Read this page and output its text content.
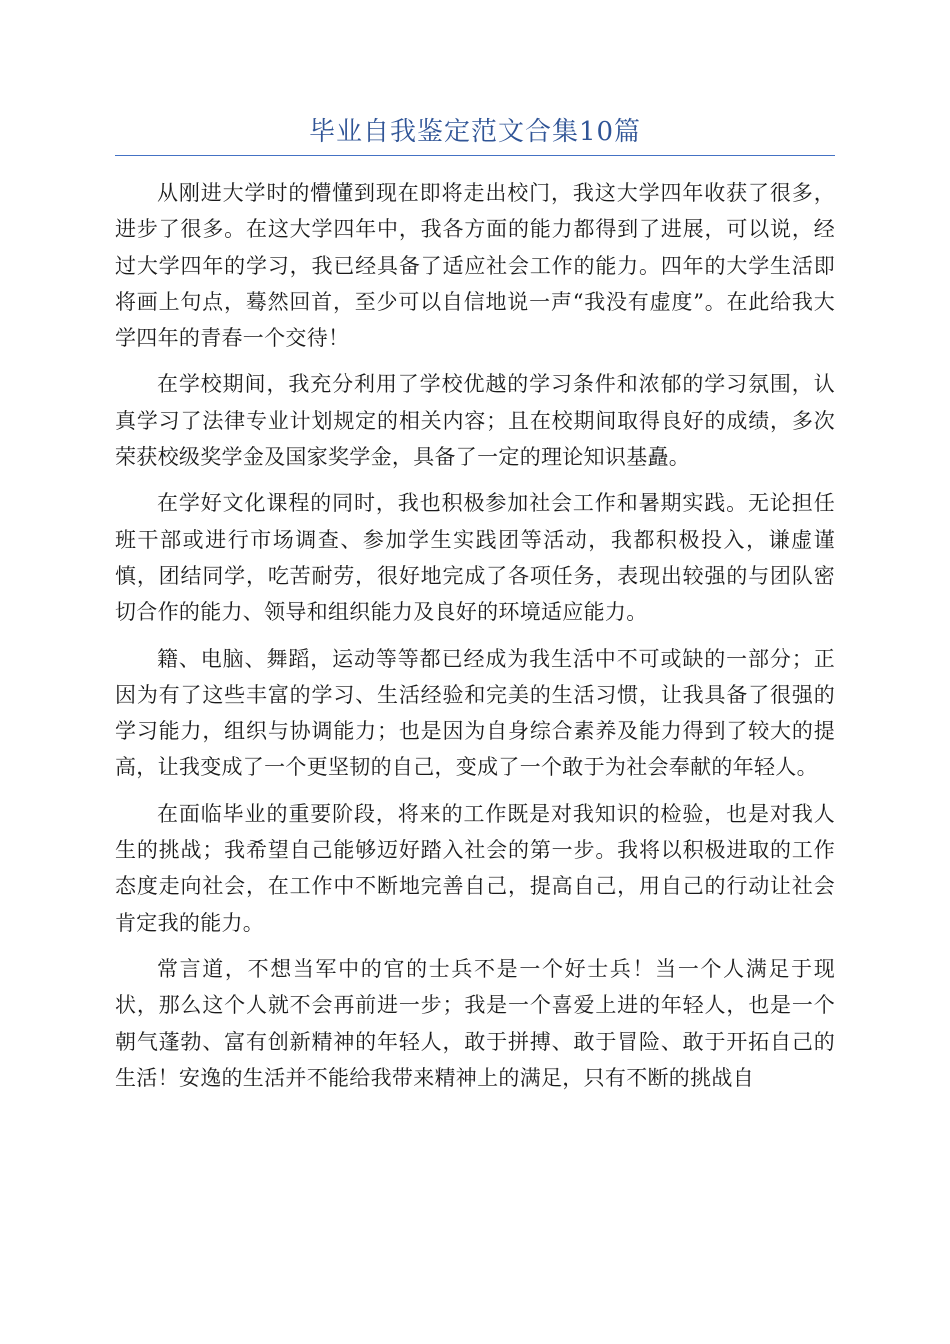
毕业自我鉴定范文合集10篇

从刚进大学时的懵懂到现在即将走出校门，我这大学四年收获了很多，进步了很多。在这大学四年中，我各方面的能力都得到了进展，可以说，经过大学四年的学习，我已经具备了适应社会工作的能力。四年的大学生活即将画上句点，蓦然回首，至少可以自信地说一声“我没有虚度”。在此给我大学四年的青春一个交待！

在学校期间，我充分利用了学校优越的学习条件和浓郁的学习氛围，认真学习了法律专业计划规定的相关内容；且在校期间取得良好的成绩，多次荣获校级奖学金及国家奖学金，具备了一定的理论知识基矗。

在学好文化课程的同时，我也积极参加社会工作和暑期实践。无论担任班干部或进行市场调查、参加学生实践团等活动，我都积极投入，谦虚谨慎，团结同学，吃苦耐劳，很好地完成了各项任务，表现出较强的与团队密切合作的能力、领导和组织能力及良好的环境适应能力。

籍、电脑、舞蹈，运动等等都已经成为我生活中不可或缺的一部分；正因为有了这些丰富的学习、生活经验和完美的生活习惯，让我具备了很强的学习能力，组织与协调能力；也是因为自身综合素养及能力得到了较大的提高，让我变成了一个更坚韧的自己，变成了一个敢于为社会奉献的年轻人。

在面临毕业的重要阶段，将来的工作既是对我知识的检验，也是对我人生的挑战；我希望自己能够迈好踏入社会的第一步。我将以积极进取的工作态度走向社会，在工作中不断地完善自己，提高自己，用自己的行动让社会肯定我的能力。

常言道，不想当军中的官的士兵不是一个好士兵！当一个人满足于现状，那么这个人就不会再前进一步；我是一个喜爱上进的年轻人，也是一个朝气蓬勃、富有创新精神的年轻人，敢于拼搏、敢于冒险、敢于开拓自己的生活！安逸的生活并不能给我带来精神上的满足，只有不断的挑战自
